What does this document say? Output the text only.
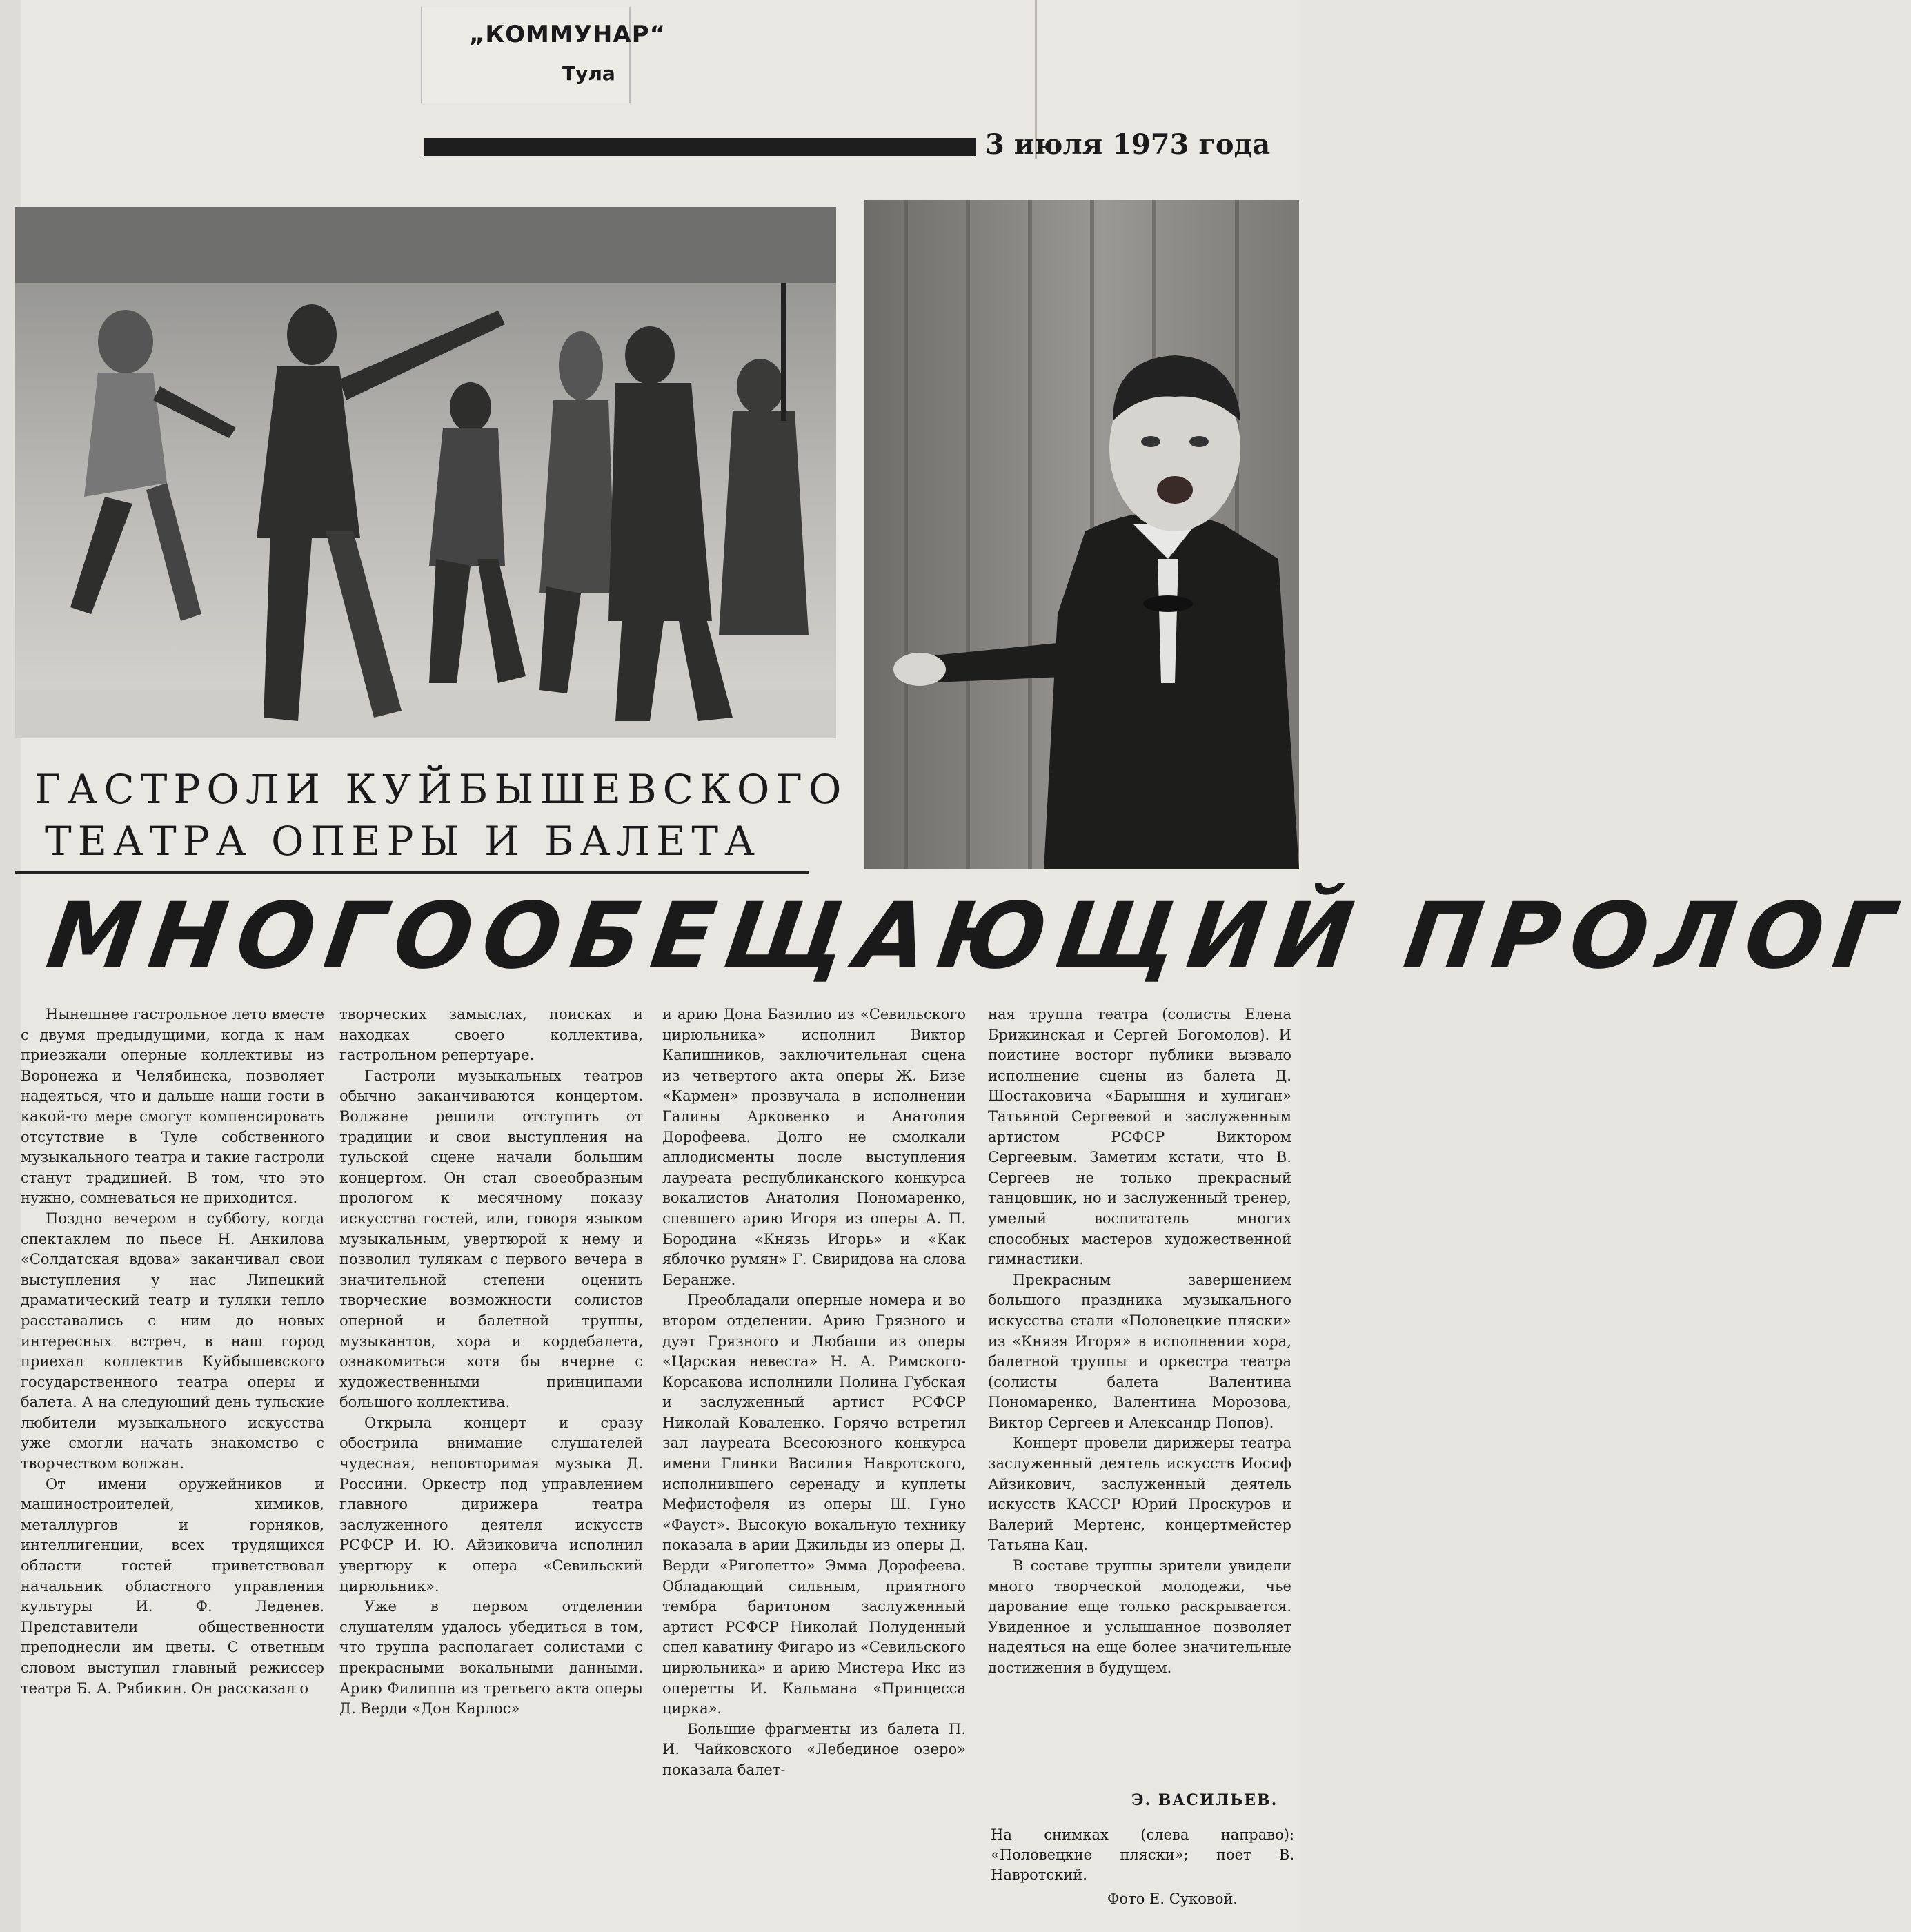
„КОММУНАР“
Тула
3 июля 1973 года
ГАСТРОЛИ КУЙБЫШЕВСКОГО
ТЕАТРА ОПЕРЫ И БАЛЕТА
МНОГООБЕЩАЮЩИЙ ПРОЛОГ

Нынешнее гастрольное лето вместе с двумя предыдущими, когда к нам приезжали оперные коллективы из Воронежа и Челябинска, позволяет надеяться, что и дальше наши гости в какой-то мере смогут компенсировать отсутствие в Туле собственного музыкального театра и такие гастроли станут традицией. В том, что это нужно, сомневаться не приходится.

Поздно вечером в субботу, когда спектаклем по пьесе Н. Анкилова «Солдатская вдова» заканчивал свои выступления у нас Липецкий драматический театр и туляки тепло расставались с ним до новых интересных встреч, в наш город приехал коллектив Куйбышевского государственного театра оперы и балета. А на следующий день тульские любители музыкального искусства уже смогли начать знакомство с творчеством волжан.

От имени оружейников и машиностроителей, химиков, металлургов и горняков, интеллигенции, всех трудящихся области гостей приветствовал начальник областного управления культуры И. Ф. Леденев. Представители общественности преподнесли им цветы. С ответным словом выступил главный режиссер театра Б. А. Рябикин. Он рассказал о

творческих замыслах, поисках и находках своего коллектива, гастрольном репертуаре.

Гастроли музыкальных театров обычно заканчиваются концертом. Волжане решили отступить от традиции и свои выступления на тульской сцене начали большим концертом. Он стал своеобразным прологом к месячному показу искусства гостей, или, говоря языком музыкальным, увертюрой к нему и позволил тулякам с первого вечера в значительной степени оценить творческие возможности солистов оперной и балетной труппы, музыкантов, хора и кордебалета, ознакомиться хотя бы вчерне с художественными принципами большого коллектива.

Открыла концерт и сразу обострила внимание слушателей чудесная, неповторимая музыка Д. Россини. Оркестр под управлением главного дирижера театра заслуженного деятеля искусств РСФСР И. Ю. Айзиковича исполнил увертюру к опера «Севильский цирюльник».

Уже в первом отделении слушателям удалось убедиться в том, что труппа располагает солистами с прекрасными вокальными данными. Арию Филиппа из третьего акта оперы Д. Верди «Дон Карлос»

и арию Дона Базилио из «Севильского цирюльника» исполнил Виктор Капишников, заключительная сцена из четвертого акта оперы Ж. Бизе «Кармен» прозвучала в исполнении Галины Арковенко и Анатолия Дорофеева. Долго не смолкали аплодисменты после выступления лауреата республиканского конкурса вокалистов Анатолия Пономаренко, спевшего арию Игоря из оперы А. П. Бородина «Князь Игорь» и «Как яблочко румян» Г. Свиридова на слова Беранже.

Преобладали оперные номера и во втором отделении. Арию Грязного и дуэт Грязного и Любаши из оперы «Царская невеста» Н. А. Римского-Корсакова исполнили Полина Губская и заслуженный артист РСФСР Николай Коваленко. Горячо встретил зал лауреата Всесоюзного конкурса имени Глинки Василия Навротского, исполнившего серенаду и куплеты Мефистофеля из оперы Ш. Гуно «Фауст». Высокую вокальную технику показала в арии Джильды из оперы Д. Верди «Риголетто» Эмма Дорофеева. Обладающий сильным, приятного тембра баритоном заслуженный артист РСФСР Николай Полуденный спел каватину Фигаро из «Севильского цирюльника» и арию Мистера Икс из оперетты И. Кальмана «Принцесса цирка».

Большие фрагменты из балета П. И. Чайковского «Лебединое озеро» показала балет-

ная труппа театра (солисты Елена Брижинская и Сергей Богомолов). И поистине восторг публики вызвало исполнение сцены из балета Д. Шостаковича «Барышня и хулиган» Татьяной Сергеевой и заслуженным артистом РСФСР Виктором Сергеевым. Заметим кстати, что В. Сергеев не только прекрасный танцовщик, но и заслуженный тренер, умелый воспитатель многих способных мастеров художественной гимнастики.

Прекрасным завершением большого праздника музыкального искусства стали «Половецкие пляски» из «Князя Игоря» в исполнении хора, балетной труппы и оркестра театра (солисты балета Валентина Пономаренко, Валентина Морозова, Виктор Сергеев и Александр Попов).

Концерт провели дирижеры театра заслуженный деятель искусств Иосиф Айзикович, заслуженный деятель искусств КАССР Юрий Проскуров и Валерий Мертенс, концертмейстер Татьяна Кац.

В составе труппы зрители увидели много творческой молодежи, чье дарование еще только раскрывается. Увиденное и услышанное позволяет надеяться на еще более значительные достижения в будущем.

Э. ВАСИЛЬЕВ.
На снимках (слева направо): «Половецкие пляски»; поет В. Навротский.
Фото Е. Суковой.
